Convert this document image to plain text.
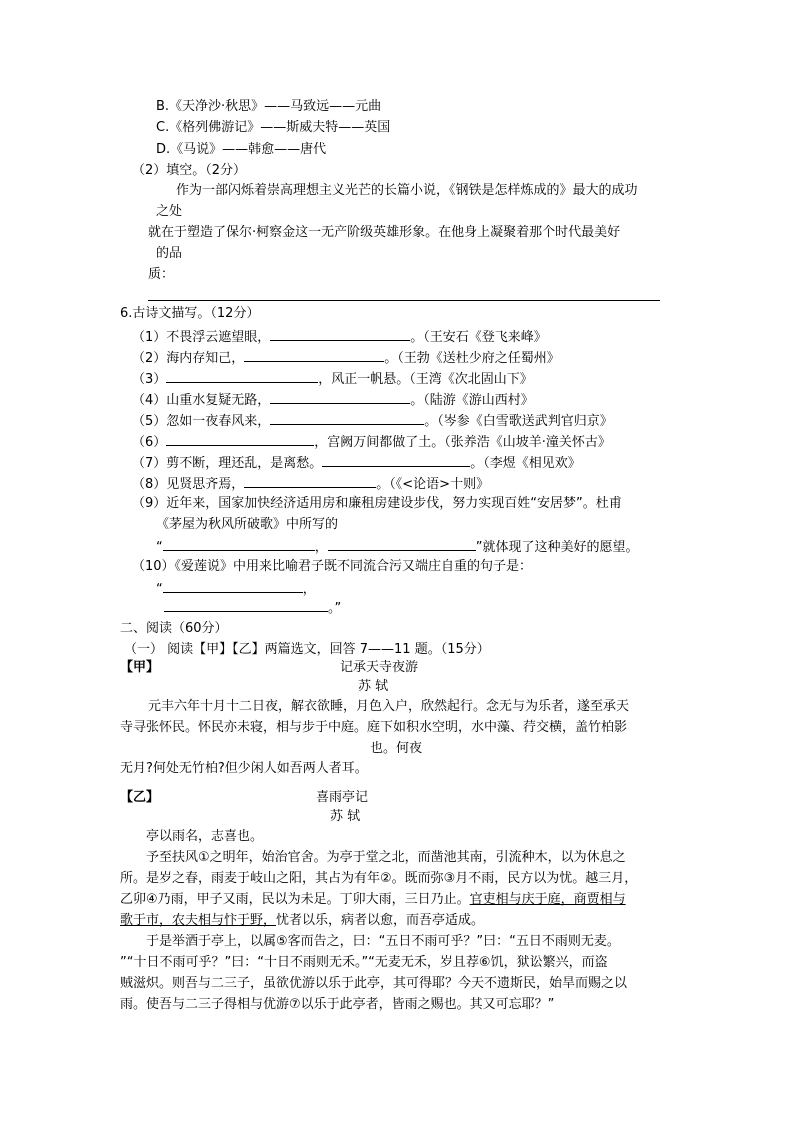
B.《天净沙·秋思》——马致远——元曲
C.《格列佛游记》——斯威夫特——英国
D.《马说》——韩愈——唐代
（2）填空。（2分）
作为一部闪烁着崇高理想主义光芒的长篇小说，《钢铁是怎样炼成的》最大的成功
之处
就在于塑造了保尔·柯察金这一无产阶级英雄形象。在他身上凝聚着那个时代最美好
的品
质：
6.古诗文描写。（12分）
（1）不畏浮云遮望眼，	。（王安石《登飞来峰》
（2）海内存知己，	。（王勃《送杜少府之任蜀州》
（3）	，风正一帆悬。（王湾《次北固山下》
（4）山重水复疑无路，	。（陆游《游山西村》
（5）忽如一夜春风来，	。（岑参《白雪歌送武判官归京》
（6）	，宫阙万间都做了土。（张养浩《山坡羊·潼关怀古》
（7）剪不断，理还乱，是离愁。	。（李煜《相见欢》
（8）见贤思齐焉，	。（《<论语>十则》
（9）近年来，国家加快经济适用房和廉租房建设步伐，努力实现百姓“安居梦”。杜甫
《茅屋为秋风所破歌》中所写的
“	，	”就体现了这种美好的愿望。
（10）《爱莲说》中用来比喻君子既不同流合污又端庄自重的句子是：
“	，
。”
二、阅读（60分）
（一） 阅读【甲】【乙】两篇选文，回答 7——11 题。（15分）
【甲】	记承天寺夜游
苏 轼
元丰六年十月十二日夜，解衣欲睡，月色入户，欣然起行。念无与为乐者，遂至承天
寺寻张怀民。怀民亦未寝，相与步于中庭。庭下如积水空明，水中藻、荇交横，盖竹柏影
也。何夜
无月?何处无竹柏?但少闲人如吾两人者耳。
【乙】	喜雨亭记
苏 轼
亭以雨名，志喜也。
予至扶风①之明年，始治官舍。为亭于堂之北，而凿池其南，引流种木，以为休息之
所。是岁之春，雨麦于岐山之阳，其占为有年②。既而弥③月不雨，民方以为忧。越三月，
乙卯④乃雨，甲子又雨，民以为未足。丁卯大雨，三日乃止。官吏相与庆于庭，商贾相与
歌于市，农夫相与忭于野，忧者以乐，病者以愈，而吾亭适成。
于是举酒于亭上，以属⑤客而告之，曰：“五日不雨可乎？”曰：“五日不雨则无麦。
”“十日不雨可乎？”曰：“十日不雨则无禾。”“无麦无禾，岁且荐⑥饥，狱讼繁兴，而盗
贼滋炽。则吾与二三子，虽欲优游以乐于此亭，其可得耶？今天不遗斯民，始旱而赐之以
雨。使吾与二三子得相与优游⑦以乐于此亭者，皆雨之赐也。其又可忘耶？”
